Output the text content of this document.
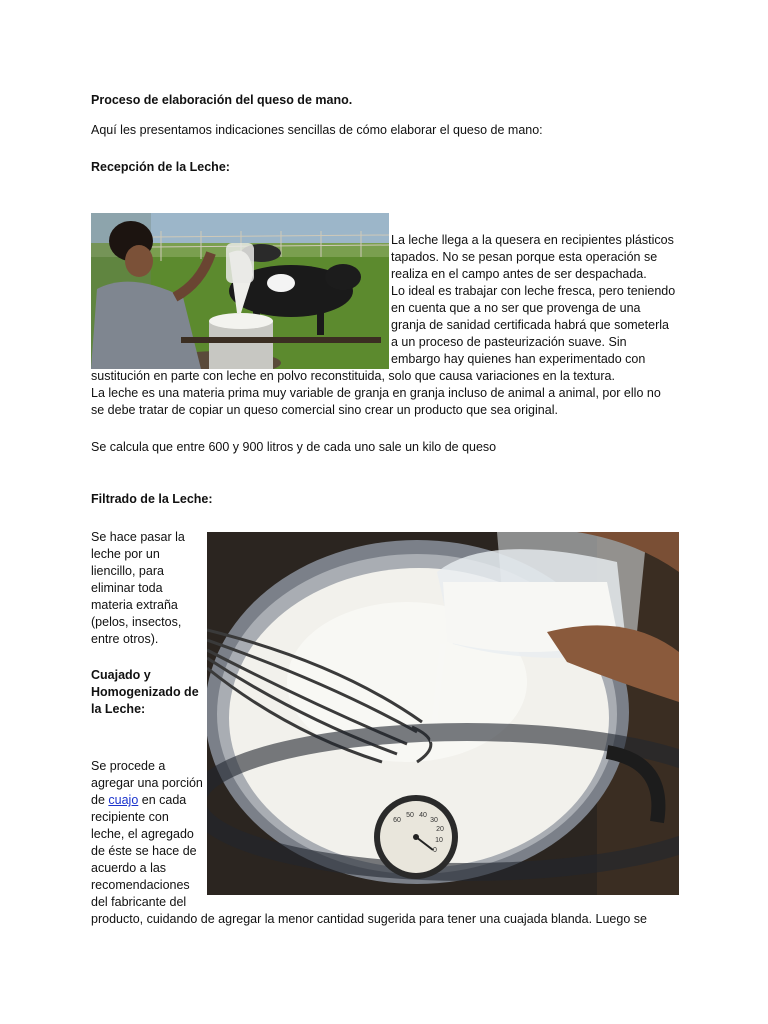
Proceso de elaboración del queso de mano.

Aquí les presentamos indicaciones sencillas de cómo elaborar el queso de mano:

Recepción de la Leche:

La leche llega a la quesera en recipientes plásticos

tapados. No se pesan porque esta operación se

realiza en el campo antes de ser despachada.

Lo ideal es trabajar con leche fresca, pero teniendo

en cuenta que a no ser que provenga de una

granja de sanidad certificada habrá que someterla

a un proceso de pasteurización suave. Sin

embargo hay quienes han experimentado con

sustitución en parte con leche en polvo reconstituida, solo que causa variaciones en la textura.

La leche es una materia prima muy variable de granja en granja incluso de animal a animal, por ello no

se debe tratar de copiar un queso comercial sino crear un producto que sea original.

Se calcula que entre 600 y 900 litros y de cada uno sale un kilo de queso

Filtrado de la Leche:

Se hace pasar la

leche por un

liencillo, para

eliminar toda

materia extraña

(pelos, insectos,

entre otros).

Cuajado y

Homogenizado de

la Leche:

Se procede a

agregar una porción

de cuajo en cada

recipiente con

leche, el agregado

de éste se hace de

acuerdo a las

recomendaciones

del fabricante del

producto, cuidando de agregar la menor cantidad sugerida para tener una cuajada blanda. Luego se

60
50 40
30
20
10
0
